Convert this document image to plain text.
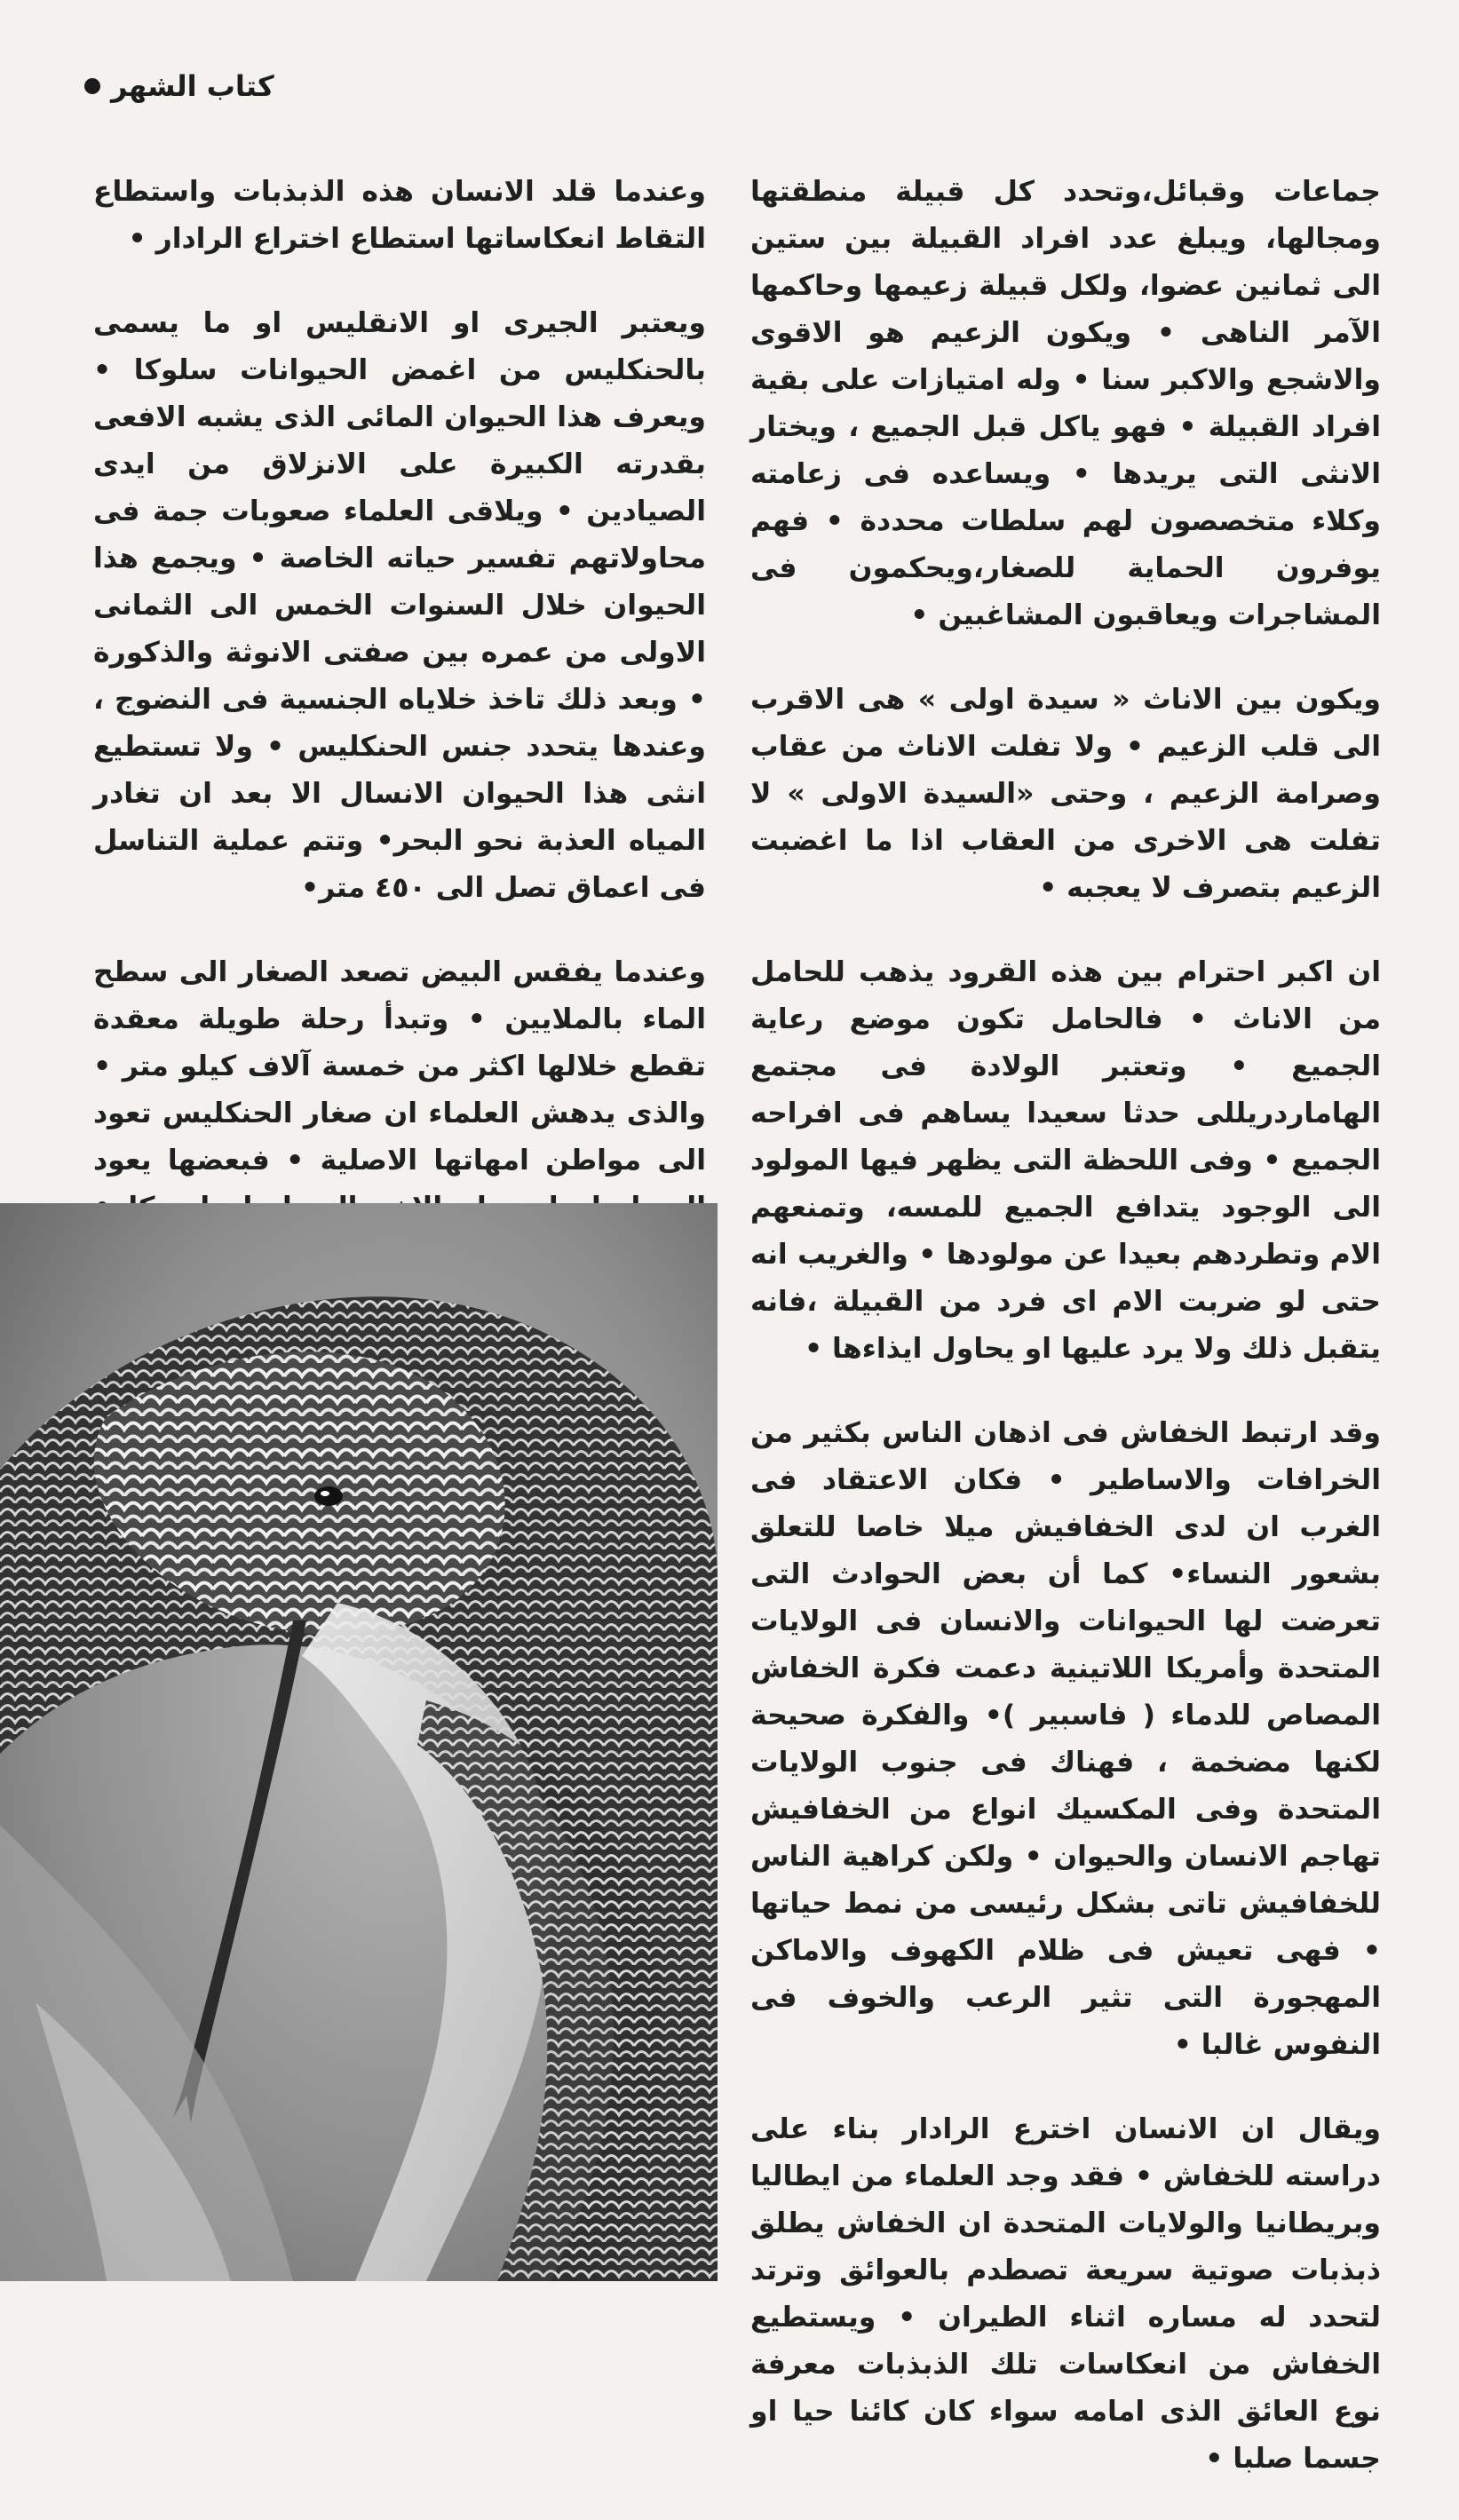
كتاب الشهر

جماعات وقبائل،وتحدد كل قبيلة منطقتها ومجالها، ويبلغ عدد افراد القبيلة بين ستين الى ثمانين عضوا، ولكل قبيلة زعيمها وحاكمها الآمر الناهى • ويكون الزعيم هو الاقوى والاشجع والاكبر سنا • وله امتيازات على بقية افراد القبيلة • فهو ياكل قبل الجميع ، ويختار الانثى التى يريدها • ويساعده فى زعامته وكلاء متخصصون لهم سلطات محددة • فهم يوفرون الحماية للصغار،ويحكمون فى المشاجرات ويعاقبون المشاغبين •

ويكون بين الاناث « سيدة اولى » هى الاقرب الى قلب الزعيم • ولا تفلت الاناث من عقاب وصرامة الزعيم ، وحتى «السيدة الاولى » لا تفلت هى الاخرى من العقاب اذا ما اغضبت الزعيم بتصرف لا يعجبه •

ان اكبر احترام بين هذه القرود يذهب للحامل من الاناث • فالحامل تكون موضع رعاية الجميع • وتعتبر الولادة فى مجتمع الهاماردريللى حدثا سعيدا يساهم فى افراحه الجميع • وفى اللحظة التى يظهر فيها المولود الى الوجود يتدافع الجميع للمسه، وتمنعهم الام وتطردهم بعيدا عن مولودها • والغريب انه حتى لو ضربت الام اى فرد من القبيلة ،فانه يتقبل ذلك ولا يرد عليها او يحاول ايذاءها •

وقد ارتبط الخفاش فى اذهان الناس بكثير من الخرافات والاساطير • فكان الاعتقاد فى الغرب ان لدى الخفافيش ميلا خاصا للتعلق بشعور النساء• كما أن بعض الحوادث التى تعرضت لها الحيوانات والانسان فى الولايات المتحدة وأمريكا اللاتينية دعمت فكرة الخفاش المصاص للدماء ( فاسبير )• والفكرة صحيحة لكنها مضخمة ، فهناك فى جنوب الولايات المتحدة وفى المكسيك انواع من الخفافيش تهاجم الانسان والحيوان • ولكن كراهية الناس للخفافيش تاتى بشكل رئيسى من نمط حياتها • فهى تعيش فى ظلام الكهوف والاماكن المهجورة التى تثير الرعب والخوف فى النفوس غالبا •

ويقال ان الانسان اخترع الرادار بناء على دراسته للخفاش • فقد وجد العلماء من ايطاليا وبريطانيا والولايات المتحدة ان الخفاش يطلق ذبذبات صوتية سريعة تصطدم بالعوائق وترتد لتحدد له مساره اثناء الطيران • ويستطيع الخفاش من انعكاسات تلك الذبذبات معرفة نوع العائق الذى امامه سواء كان كائنا حيا او جسما صلبا •

وعندما قلد الانسان هذه الذبذبات واستطاع التقاط انعكاساتها استطاع اختراع الرادار •

ويعتبر الجيرى او الانقليس او ما يسمى بالحنكليس من اغمض الحيوانات سلوكا • ويعرف هذا الحيوان المائى الذى يشبه الافعى بقدرته الكبيرة على الانزلاق من ايدى الصيادين • ويلاقى العلماء صعوبات جمة فى محاولاتهم تفسير حياته الخاصة • ويجمع هذا الحيوان خلال السنوات الخمس الى الثمانى الاولى من عمره بين صفتى الانوثة والذكورة • وبعد ذلك تاخذ خلاياه الجنسية فى النضوج ، وعندها يتحدد جنس الحنكليس • ولا تستطيع انثى هذا الحيوان الانسال الا بعد ان تغادر المياه العذبة نحو البحر• وتتم عملية التناسل فى اعماق تصل الى ٤٥٠ متر•

وعندما يفقس البيض تصعد الصغار الى سطح الماء بالملايين • وتبدأ رحلة طويلة معقدة تقطع خلالها اكثر من خمسة آلاف كيلو متر • والذى يدهش العلماء ان صغار الحنكليس تعود الى مواطن امهاتها الاصلية • فبعضها يعود
